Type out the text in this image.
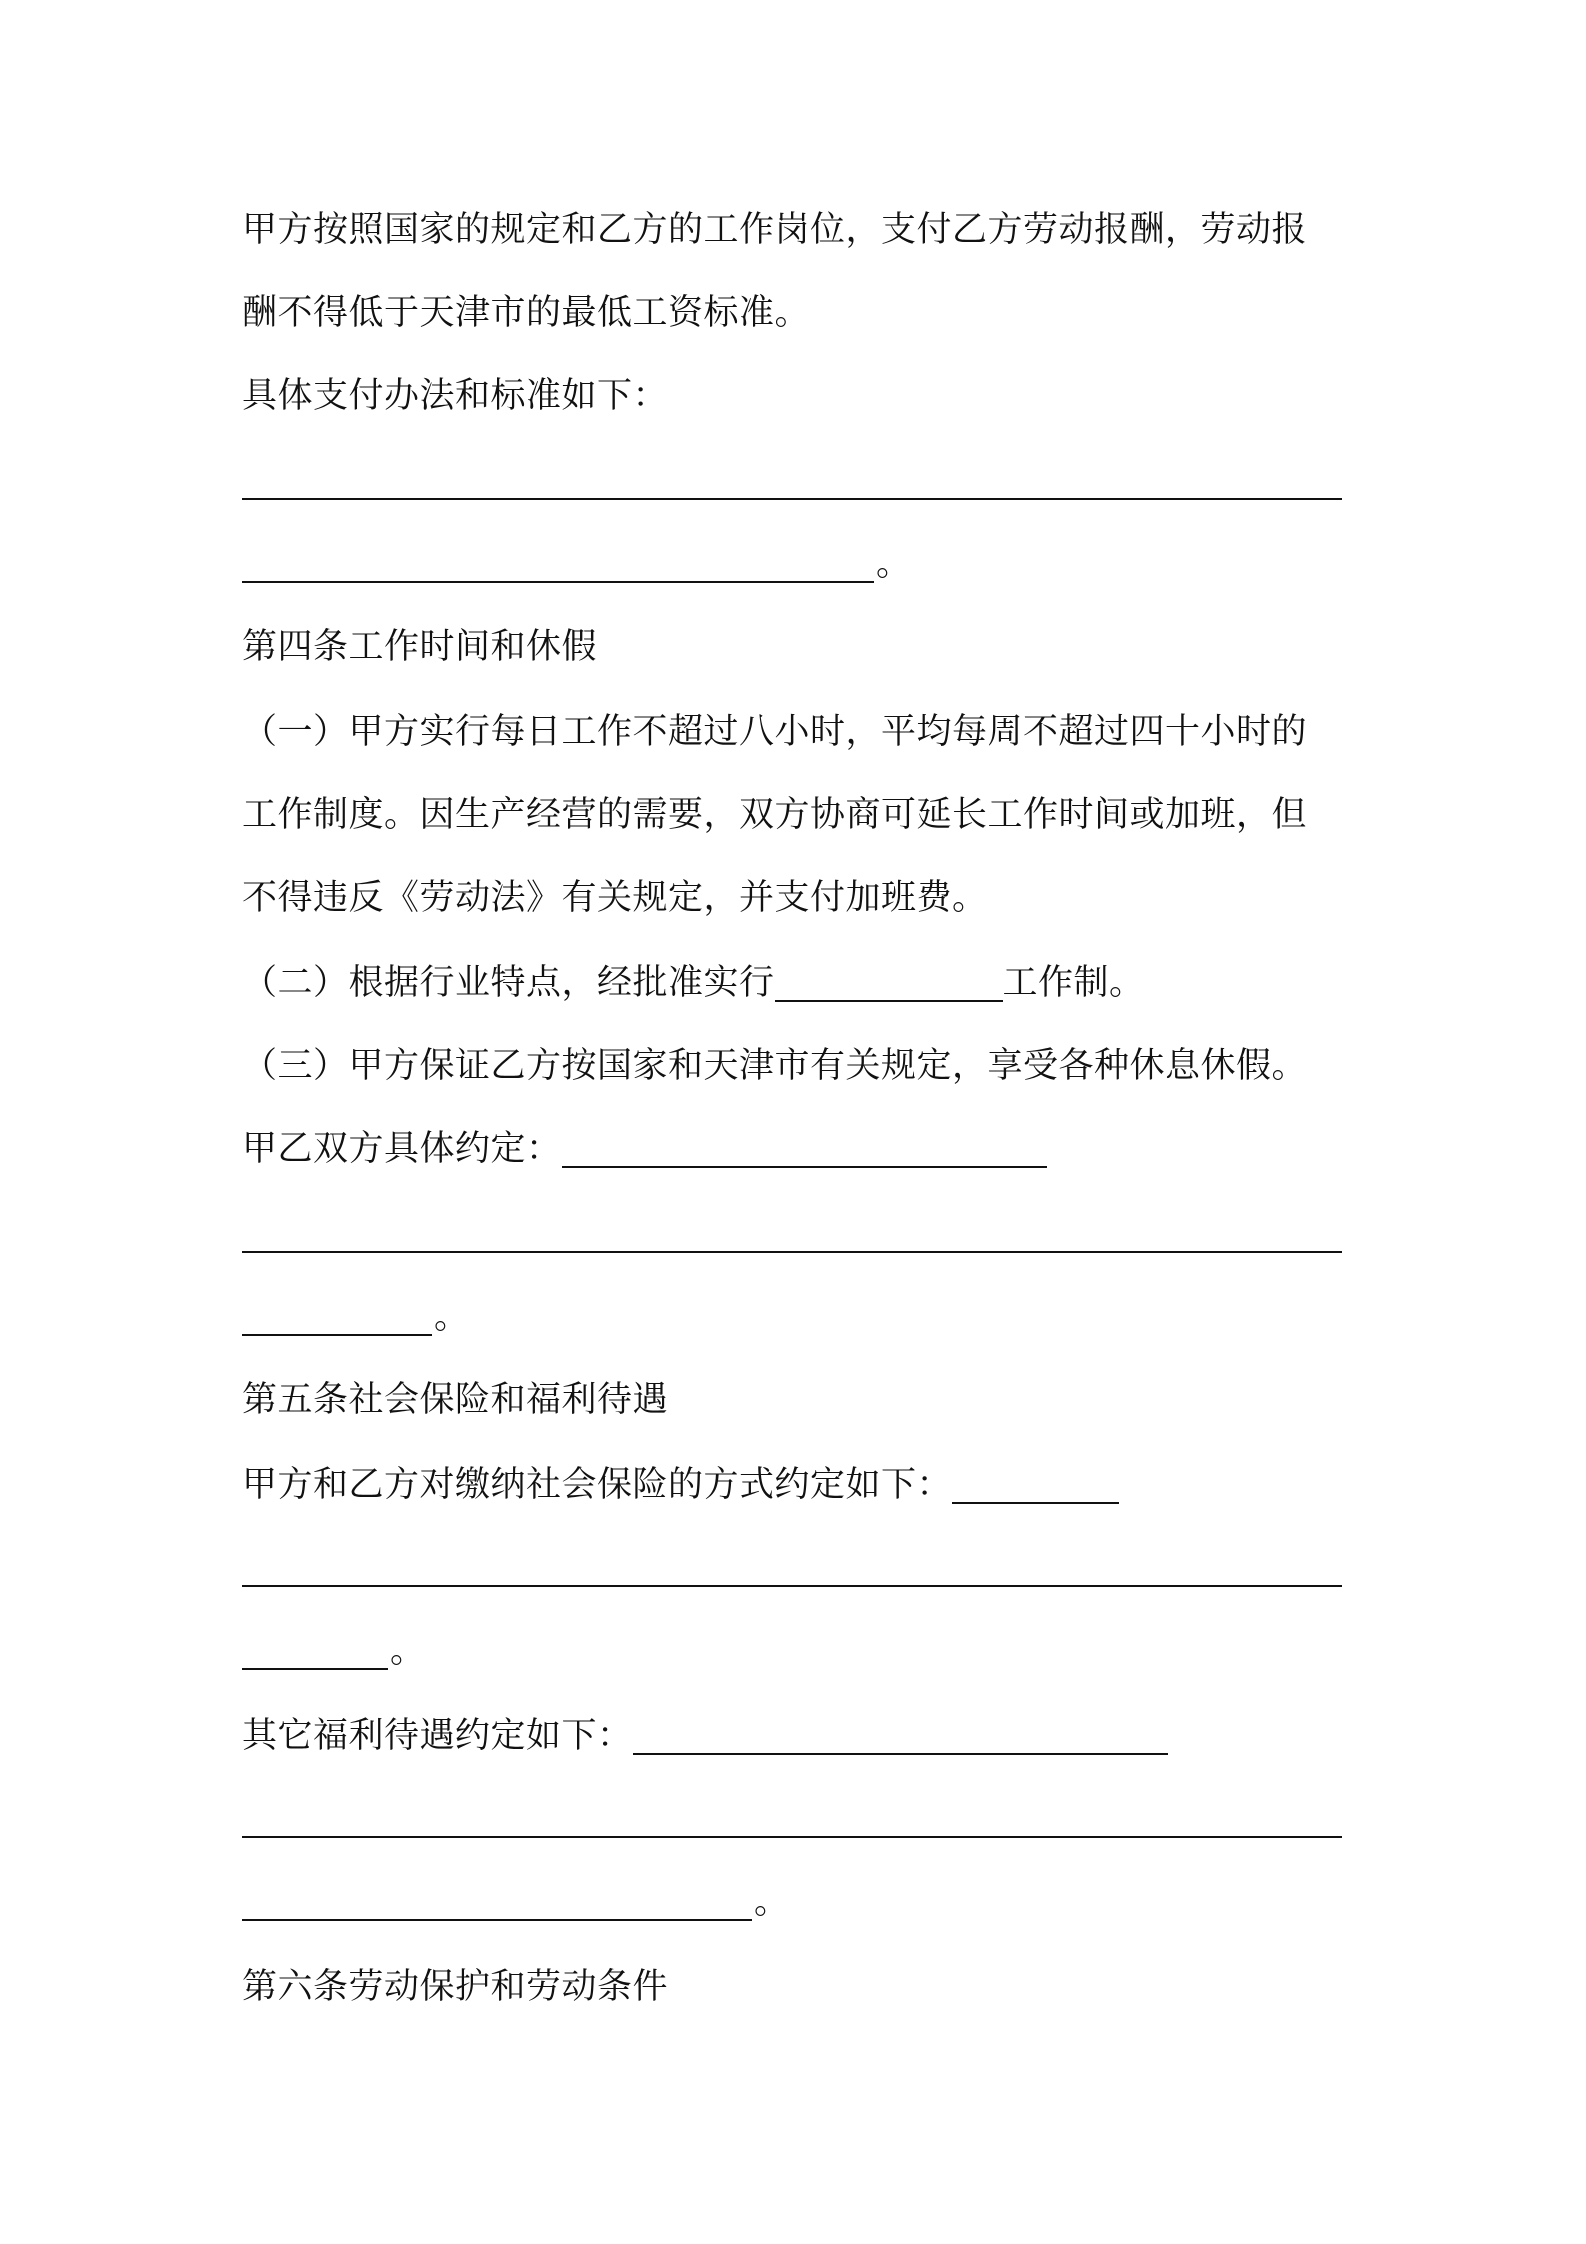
甲方按照国家的规定和乙方的工作岗位，支付乙方劳动报酬，劳动报
酬不得低于天津市的最低工资标准。
具体支付办法和标准如下：
。
第四条工作时间和休假
（一）甲方实行每日工作不超过八小时，平均每周不超过四十小时的
工作制度。因生产经营的需要，双方协商可延长工作时间或加班，但
不得违反《劳动法》有关规定，并支付加班费。
（二）根据行业特点，经批准实行	工作制。
（三）甲方保证乙方按国家和天津市有关规定，享受各种休息休假。
甲乙双方具体约定：
。
第五条社会保险和福利待遇
甲方和乙方对缴纳社会保险的方式约定如下：
。
其它福利待遇约定如下：
。
第六条劳动保护和劳动条件
